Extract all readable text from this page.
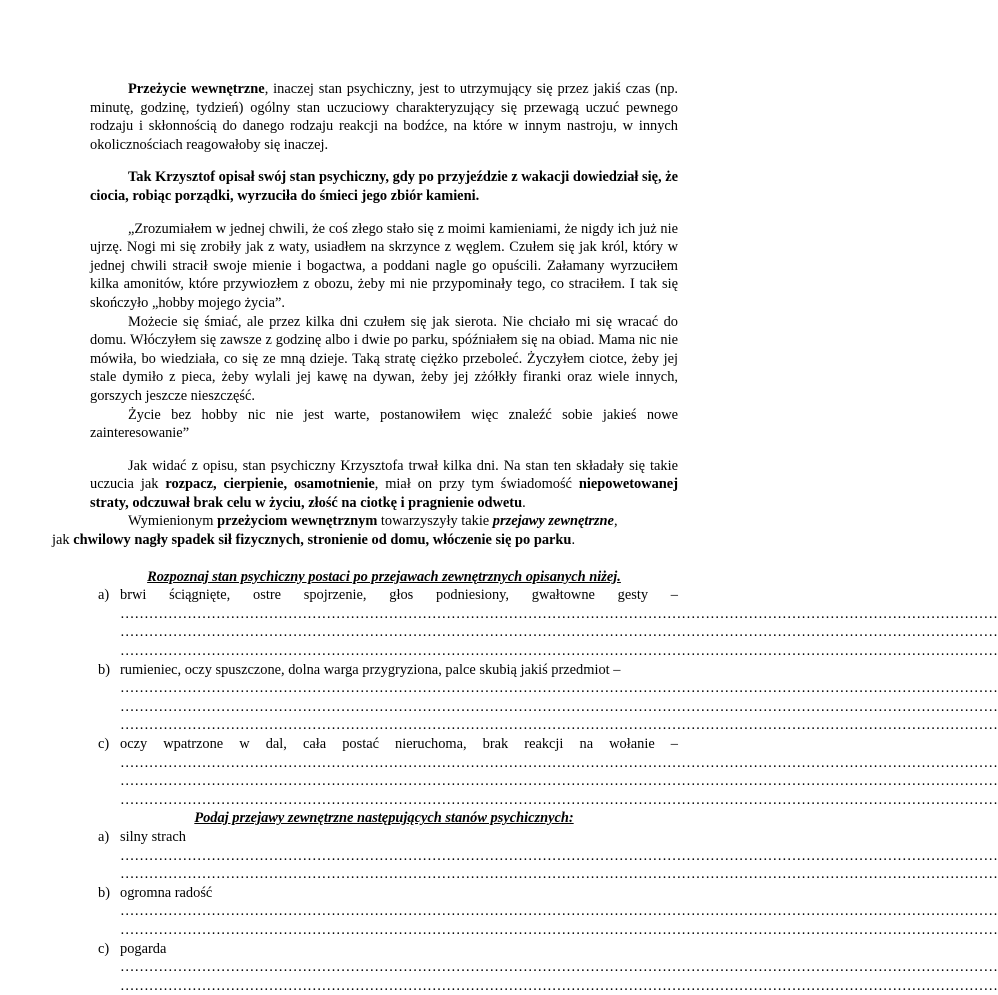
Przeżycie wewnętrzne, inaczej stan psychiczny, jest to utrzymujący się przez jakiś czas (np. minutę, godzinę, tydzień) ogólny stan uczuciowy charakteryzujący się przewagą uczuć pewnego rodzaju i skłonnością do danego rodzaju reakcji na bodźce, na które w innym nastroju, w innych okolicznościach reagowałoby się inaczej.

Tak Krzysztof opisał swój stan psychiczny, gdy po przyjeździe z wakacji dowiedział się, że ciocia, robiąc porządki, wyrzuciła do śmieci jego zbiór kamieni.

„Zrozumiałem w jednej chwili, że coś złego stało się z moimi kamieniami, że nigdy ich już nie ujrzę. Nogi mi się zrobiły jak z waty, usiadłem na skrzynce z węglem. Czułem się jak król, który w jednej chwili stracił swoje mienie i bogactwa, a poddani nagle go opuścili. Załamany wyrzuciłem kilka amonitów, które przywiozłem z obozu, żeby mi nie przypominały tego, co straciłem. I tak się skończyło „hobby mojego życia”.

Możecie się śmiać, ale przez kilka dni czułem się jak sierota. Nie chciało mi się wracać do domu. Włóczyłem się zawsze z godzinę albo i dwie po parku, spóźniałem się na obiad. Mama nic nie mówiła, bo wiedziała, co się ze mną dzieje. Taką stratę ciężko przeboleć. Życzyłem ciotce, żeby jej stale dymiło z pieca, żeby wylali jej kawę na dywan, żeby jej zżółkły firanki oraz wiele innych, gorszych jeszcze nieszczęść.

Życie bez hobby nic nie jest warte, postanowiłem więc znaleźć sobie jakieś nowe zainteresowanie”

Jak widać z opisu, stan psychiczny Krzysztofa trwał kilka dni. Na stan ten składały się takie uczucia jak rozpacz, cierpienie, osamotnienie, miał on przy tym świadomość niepowetowanej straty, odczuwał brak celu w życiu, złość na ciotkę i pragnienie odwetu.

Wymienionym przeżyciom wewnętrznym towarzyszyły takie przejawy zewnętrzne,
jak chwilowy nagły spadek sił fizycznych, stronienie od domu, włóczenie się po parku.

Rozpoznaj stan psychiczny postaci po przejawach zewnętrznych opisanych niżej.
a) brwi ściągnięte, ostre spojrzenie, głos podniesiony, gwałtowne gesty –
…………………………………………………………………………………………………………………………………………………………………
…………………………………………………………………………………………………………………………………………………………………
…………………………………………………………………………………………………………………………………………………………………
b) rumieniec, oczy spuszczone, dolna warga przygryziona, palce skubią jakiś przedmiot –
…………………………………………………………………………………………………………………………………………………………………
…………………………………………………………………………………………………………………………………………………………………
…………………………………………………………………………………………………………………………………………………………………
c) oczy wpatrzone w dal, cała postać nieruchoma, brak reakcji na wołanie –
…………………………………………………………………………………………………………………………………………………………………
…………………………………………………………………………………………………………………………………………………………………
…………………………………………………………………………………………………………………………………………………………………
Podaj przejawy zewnętrzne następujących stanów psychicznych:
a) silny strach
…………………………………………………………………………………………………………………………………………………………………
…………………………………………………………………………………………………………………………………………………………………
b) ogromna radość
…………………………………………………………………………………………………………………………………………………………………
…………………………………………………………………………………………………………………………………………………………………
c) pogarda
…………………………………………………………………………………………………………………………………………………………………
…………………………………………………………………………………………………………………………………………………………………
